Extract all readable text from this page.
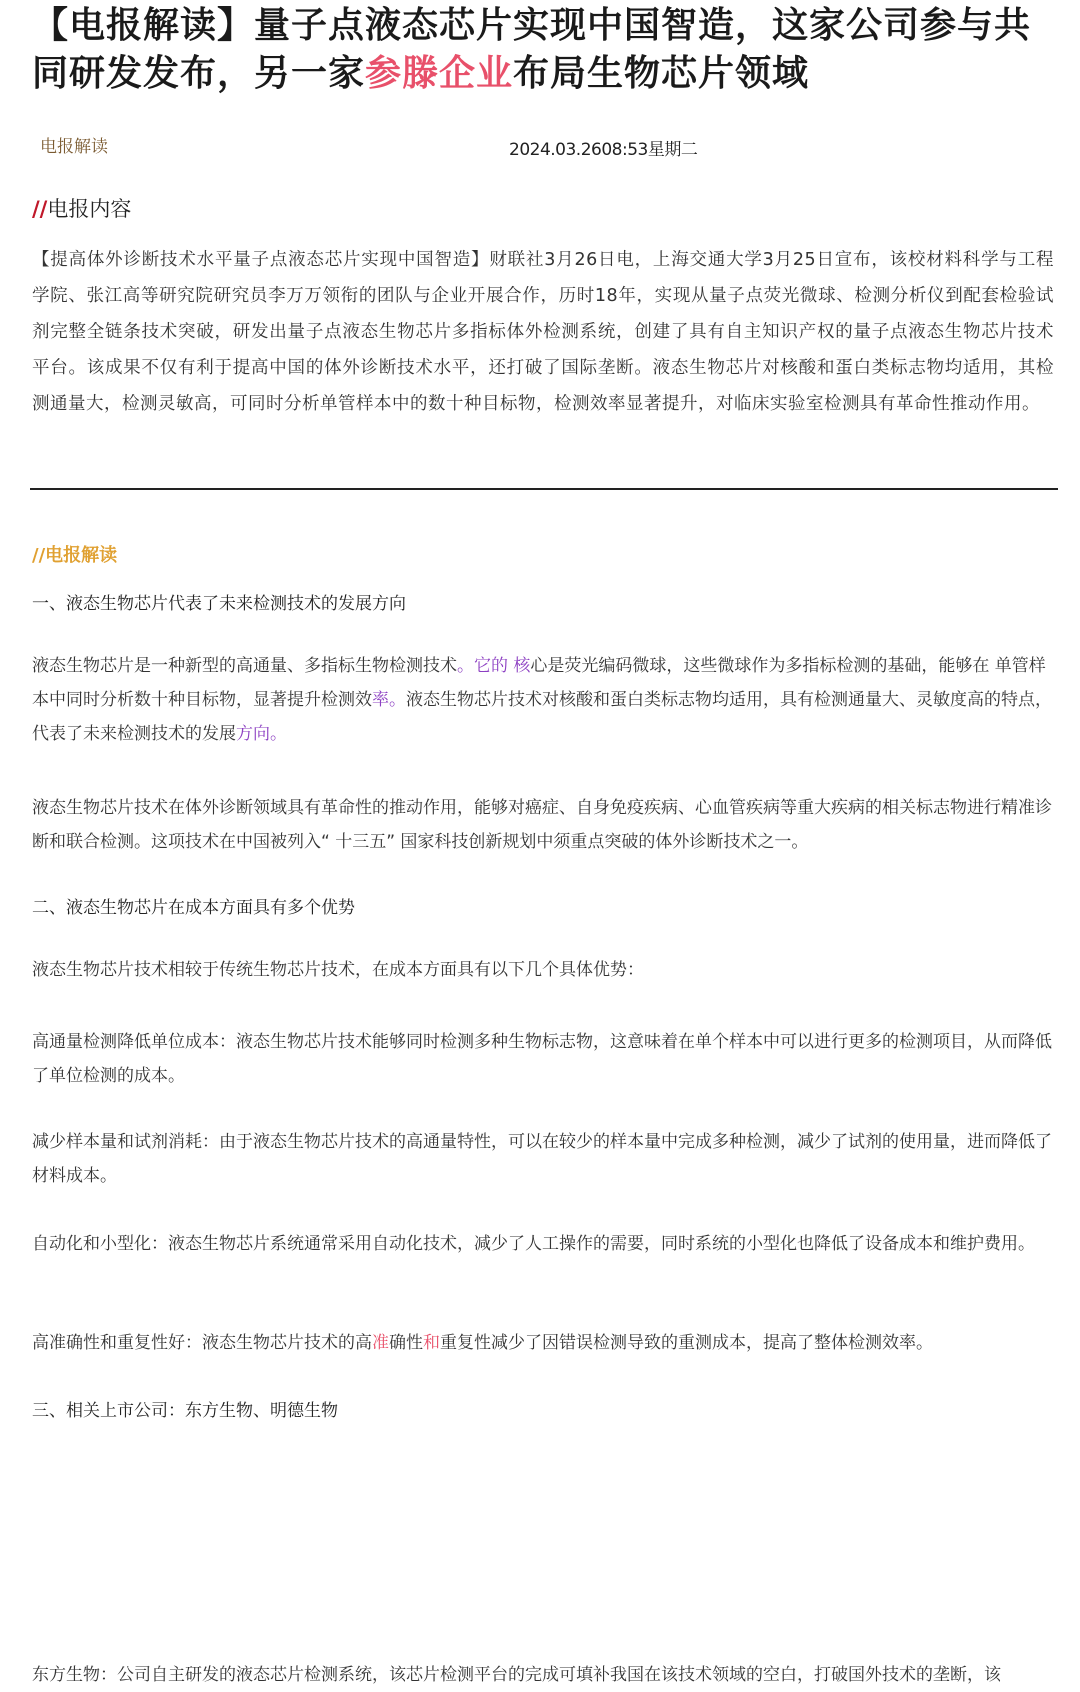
【电报解读】量子点液态芯片实现中国智造，这家公司参与共同研发发布，另一家参滕企业布局生物芯片领域
电报解读	2024.03.2608:53星期二
//电报内容

【提高体外诊断技术水平量子点液态芯片实现中国智造】财联社3月26日电，上海交通大学3月25日宣布，该校材料科学与工程学院、张江高等研究院研究员李万万领衔的团队与企业开展合作，历时18年，实现从量子点荧光微球、检测分析仪到配套检验试剂完整全链条技术突破，研发出量子点液态生物芯片多指标体外检测系统，创建了具有自主知识产权的量子点液态生物芯片技术平台。该成果不仅有利于提高中国的体外诊断技术水平，还打破了国际垄断。液态生物芯片对核酸和蛋白类标志物均适用，其检测通量大，检测灵敏高，可同时分析单管样本中的数十种目标物，检测效率显著提升，对临床实验室检测具有革命性推动作用。

//电报解读

一、液态生物芯片代表了未来检测技术的发展方向

液态生物芯片是一种新型的高通量、多指标生物检测技术。它的 核心是荧光编码微球，这些微球作为多指标检测的基础，能够在 单管样本中同时分析数十种目标物，显著提升检测效率。液态生物芯片技术对核酸和蛋白类标志物均适用，具有检测通量大、灵敏度高的特点，代表了未来检测技术的发展方向。

液态生物芯片技术在体外诊断领域具有革命性的推动作用，能够对癌症、自身免疫疾病、心血管疾病等重大疾病的相关标志物进行精准诊断和联合检测。这项技术在中国被列入“ 十三五” 国家科技创新规划中须重点突破的体外诊断技术之一。

二、液态生物芯片在成本方面具有多个优势

液态生物芯片技术相较于传统生物芯片技术，在成本方面具有以下几个具体优势：

高通量检测降低单位成本：液态生物芯片技术能够同时检测多种生物标志物，这意味着在单个样本中可以进行更多的检测项目，从而降低了单位检测的成本。

减少样本量和试剂消耗：由于液态生物芯片技术的高通量特性，可以在较少的样本量中完成多种检测，减少了试剂的使用量，进而降低了材料成本。

自动化和小型化：液态生物芯片系统通常采用自动化技术，减少了人工操作的需要，同时系统的小型化也降低了设备成本和维护费用。

高准确性和重复性好：液态生物芯片技术的高准确性和重复性减少了因错误检测导致的重测成本，提高了整体检测效率。

三、相关上市公司：东方生物、明德生物

东方生物：公司自主研发的液态芯片检测系统，该芯片检测平台的完成可填补我国在该技术领域的空白，打破国外技术的垄断，该
